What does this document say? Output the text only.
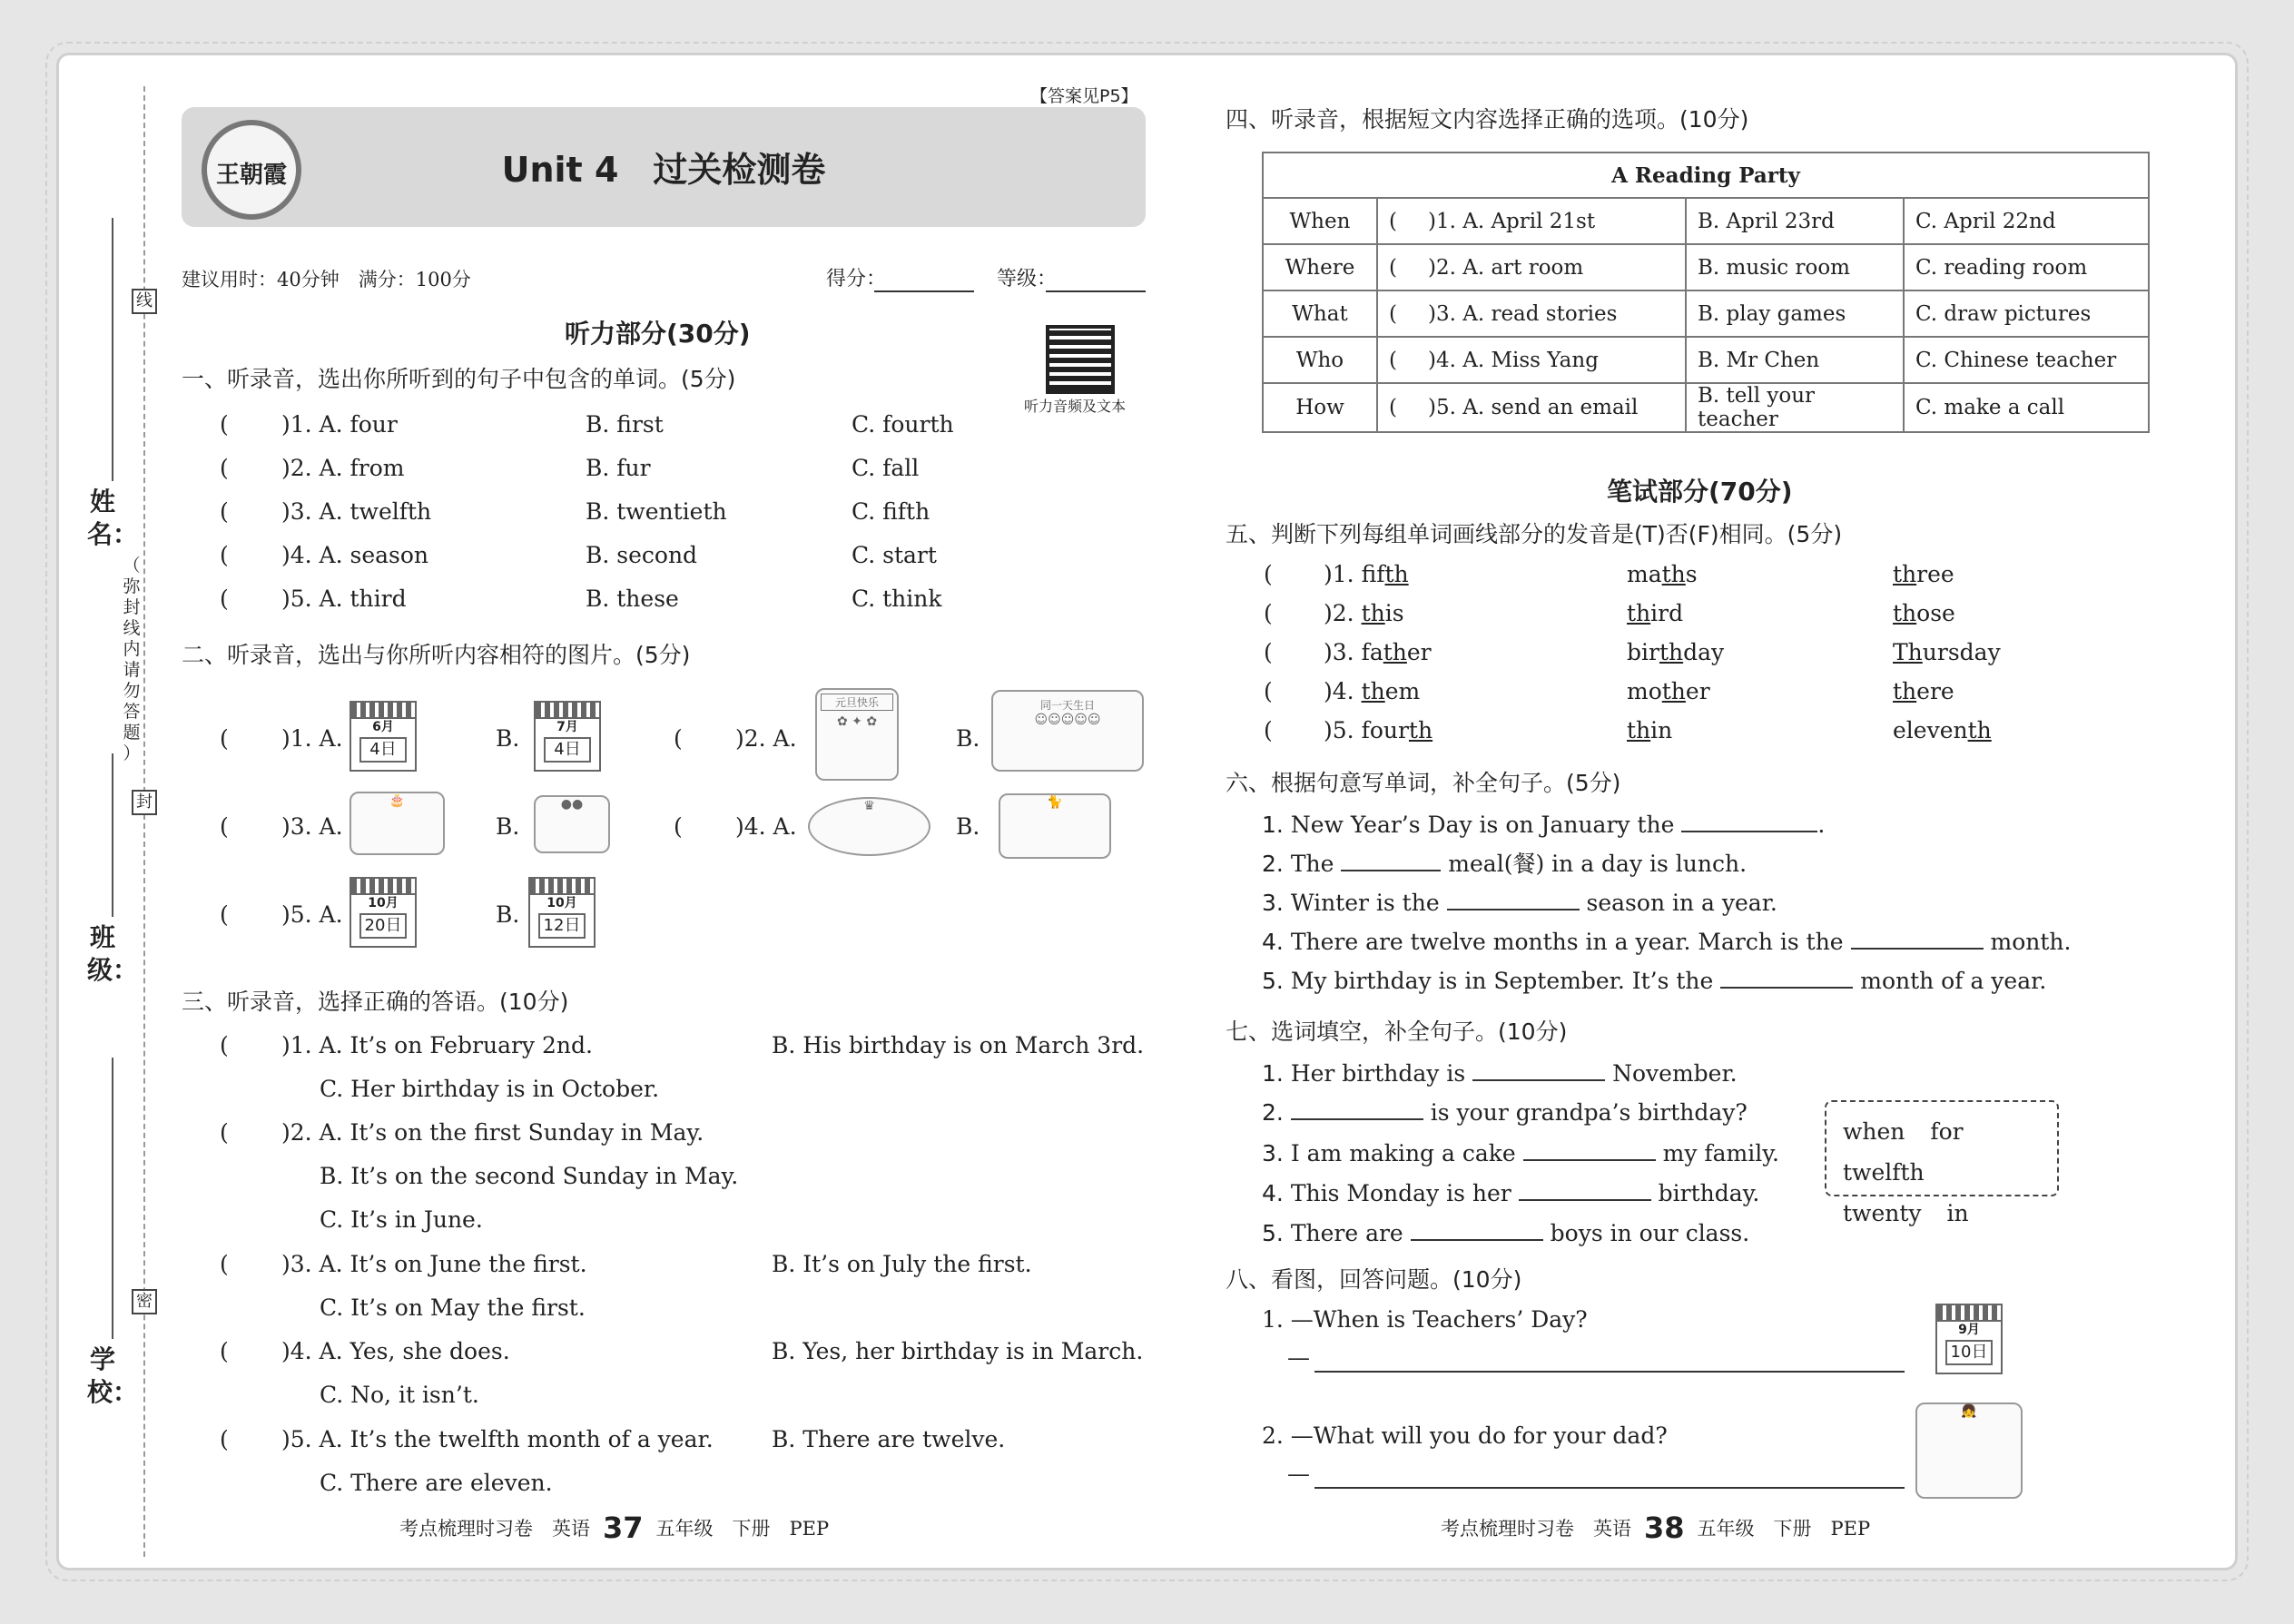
姓名：
班级：
学校：
线
封
密
（
弥
封
线
内
请
勿
答
题
）
【答案见P5】
Unit 4　过关检测卷
王朝霞
建议用时：40分钟　满分：100分	得分：	等级：
听力音频及文本
听力部分(30分)
一、听录音，选出你所听到的句子中包含的单词。(5分)
( )1. A. four	B. first	C. fourth
( )2. A. from	B. fur	C. fall
( )3. A. twelfth	B. twentieth	C. fifth
( )4. A. season	B. second	C. start
( )5. A. third	B. these	C. think
二、听录音，选出与你所听内容相符的图片。(5分)
( )1. A.	6月
4日	B.	7月
4日	( )2. A.
元旦快乐
✿ ✦ ✿
B.
同一天生日
☺☺☺☺☺
( )3. A.
🎂
B.
●●
( )4. A.
♛
B.
🐈
( )5. A.	10月
20日	B.	10月
12日
三、听录音，选择正确的答语。(10分)
( )1. A. It’s on February 2nd.	B. His birthday is on March 3rd.
C. Her birthday is in October.
( )2. A. It’s on the first Sunday in May.
B. It’s on the second Sunday in May.
C. It’s in June.
( )3. A. It’s on June the first.	B. It’s on July the first.
C. It’s on May the first.
( )4. A. Yes, she does.	B. Yes, her birthday is in March.
C. No, it isn’t.
( )5. A. It’s the twelfth month of a year.	B. There are twelve.
C. There are eleven.
考点梳理时习卷　英语 37 五年级　下册　PEP
四、听录音，根据短文内容选择正确的选项。(10分)
A Reading Party			
When	( )1. A. April 21st	B. April 23rd	C. April 22nd
Where	( )2. A. art room	B. music room	C. reading room
What	( )3. A. read stories	B. play games	C. draw pictures
Who	( )4. A. Miss Yang	B. Mr Chen	C. Chinese teacher
How	( )5. A. send an email	B. tell your teacher	C. make a call
笔试部分(70分)
五、判断下列每组单词画线部分的发音是(T)否(F)相同。(5分)
( )1. fifth	maths	three
( )2. this	third	those
( )3. father	birthday	Thursday
( )4. them	mother	there
( )5. fourth	thin	eleventh
六、根据句意写单词，补全句子。(5分)
1. New Year’s Day is on January the	.
2. The	meal(餐) in a day is lunch.
3. Winter is the	season in a year.
4. There are twelve months in a year. March is the	month.
5. My birthday is in September. It’s the	month of a year.
七、选词填空，补全句子。(10分)
1. Her birthday is	November.
2.	is your grandpa’s birthday?
3. I am making a cake	my family.
4. This Monday is her	birthday.
5. There are	boys in our class.
when for twelfth
twenty in
八、看图，回答问题。(10分)
1. —When is Teachers’ Day?
—
9月
10日
2. —What will you do for your dad?
—
👧
考点梳理时习卷　英语 38 五年级　下册　PEP
